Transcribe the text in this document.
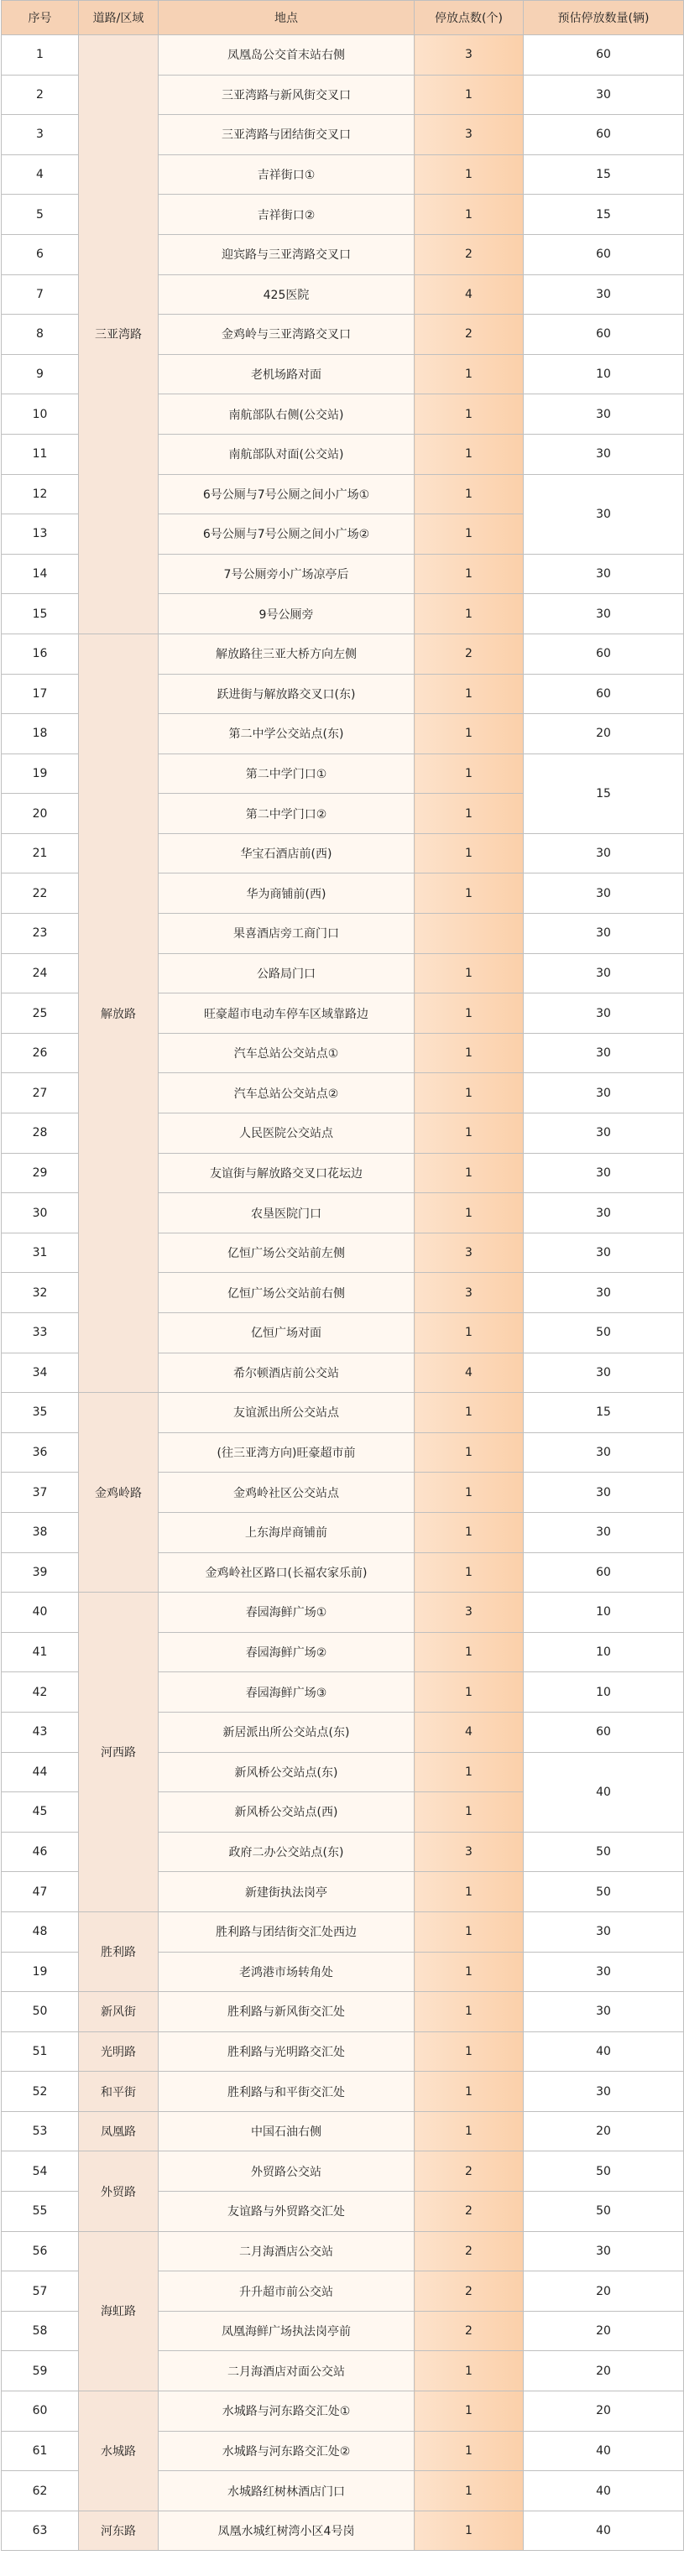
序号	道路/区域	地点	停放点数(个)	预估停放数量(辆)
1	三亚湾路	凤凰岛公交首末站右侧	3	60
2		三亚湾路与新风街交叉口	1	30
3		三亚湾路与团结街交叉口	3	60
4		吉祥街口①	1	15
5		吉祥街口②	1	15
6		迎宾路与三亚湾路交叉口	2	60
7		425医院	4	30
8		金鸡岭与三亚湾路交叉口	2	60
9		老机场路对面	1	10
10		南航部队右侧(公交站)	1	30
11		南航部队对面(公交站)	1	30
12		6号公厕与7号公厕之间小广场①	1	30
13		6号公厕与7号公厕之间小广场②	1	
14		7号公厕旁小广场凉亭后	1	30
15		9号公厕旁	1	30
16	解放路	解放路往三亚大桥方向左侧	2	60
17		跃进街与解放路交叉口(东)	1	60
18		第二中学公交站点(东)	1	20
19		第二中学门口①	1	15
20		第二中学门口②	1	
21		华宝石酒店前(西)	1	30
22		华为商铺前(西)	1	30
23		果喜酒店旁工商门口		30
24		公路局门口	1	30
25		旺豪超市电动车停车区域靠路边	1	30
26		汽车总站公交站点①	1	30
27		汽车总站公交站点②	1	30
28		人民医院公交站点	1	30
29		友谊街与解放路交叉口花坛边	1	30
30		农垦医院门口	1	30
31		亿恒广场公交站前左侧	3	30
32		亿恒广场公交站前右侧	3	30
33		亿恒广场对面	1	50
34		希尔顿酒店前公交站	4	30
35	金鸡岭路	友谊派出所公交站点	1	15
36		(往三亚湾方向)旺豪超市前	1	30
37		金鸡岭社区公交站点	1	30
38		上东海岸商铺前	1	30
39		金鸡岭社区路口(长福农家乐前)	1	60
40	河西路	春园海鲜广场①	3	10
41		春园海鲜广场②	1	10
42		春园海鲜广场③	1	10
43		新居派出所公交站点(东)	4	60
44		新风桥公交站点(东)	1	40
45		新风桥公交站点(西)	1	
46		政府二办公交站点(东)	3	50
47		新建街执法岗亭	1	50
48	胜利路	胜利路与团结街交汇处西边	1	30
19		老鸿港市场转角处	1	30
50	新风街	胜利路与新风街交汇处	1	30
51	光明路	胜利路与光明路交汇处	1	40
52	和平街	胜利路与和平街交汇处	1	30
53	凤凰路	中国石油右侧	1	20
54	外贸路	外贸路公交站	2	50
55		友谊路与外贸路交汇处	2	50
56	海虹路	二月海酒店公交站	2	30
57		升升超市前公交站	2	20
58		凤凰海鲜广场执法岗亭前	2	20
59		二月海酒店对面公交站	1	20
60	水城路	水城路与河东路交汇处①	1	20
61		水城路与河东路交汇处②	1	40
62		水城路红树林酒店门口	1	40
63	河东路	凤凰水城红树湾小区4号岗	1	40
